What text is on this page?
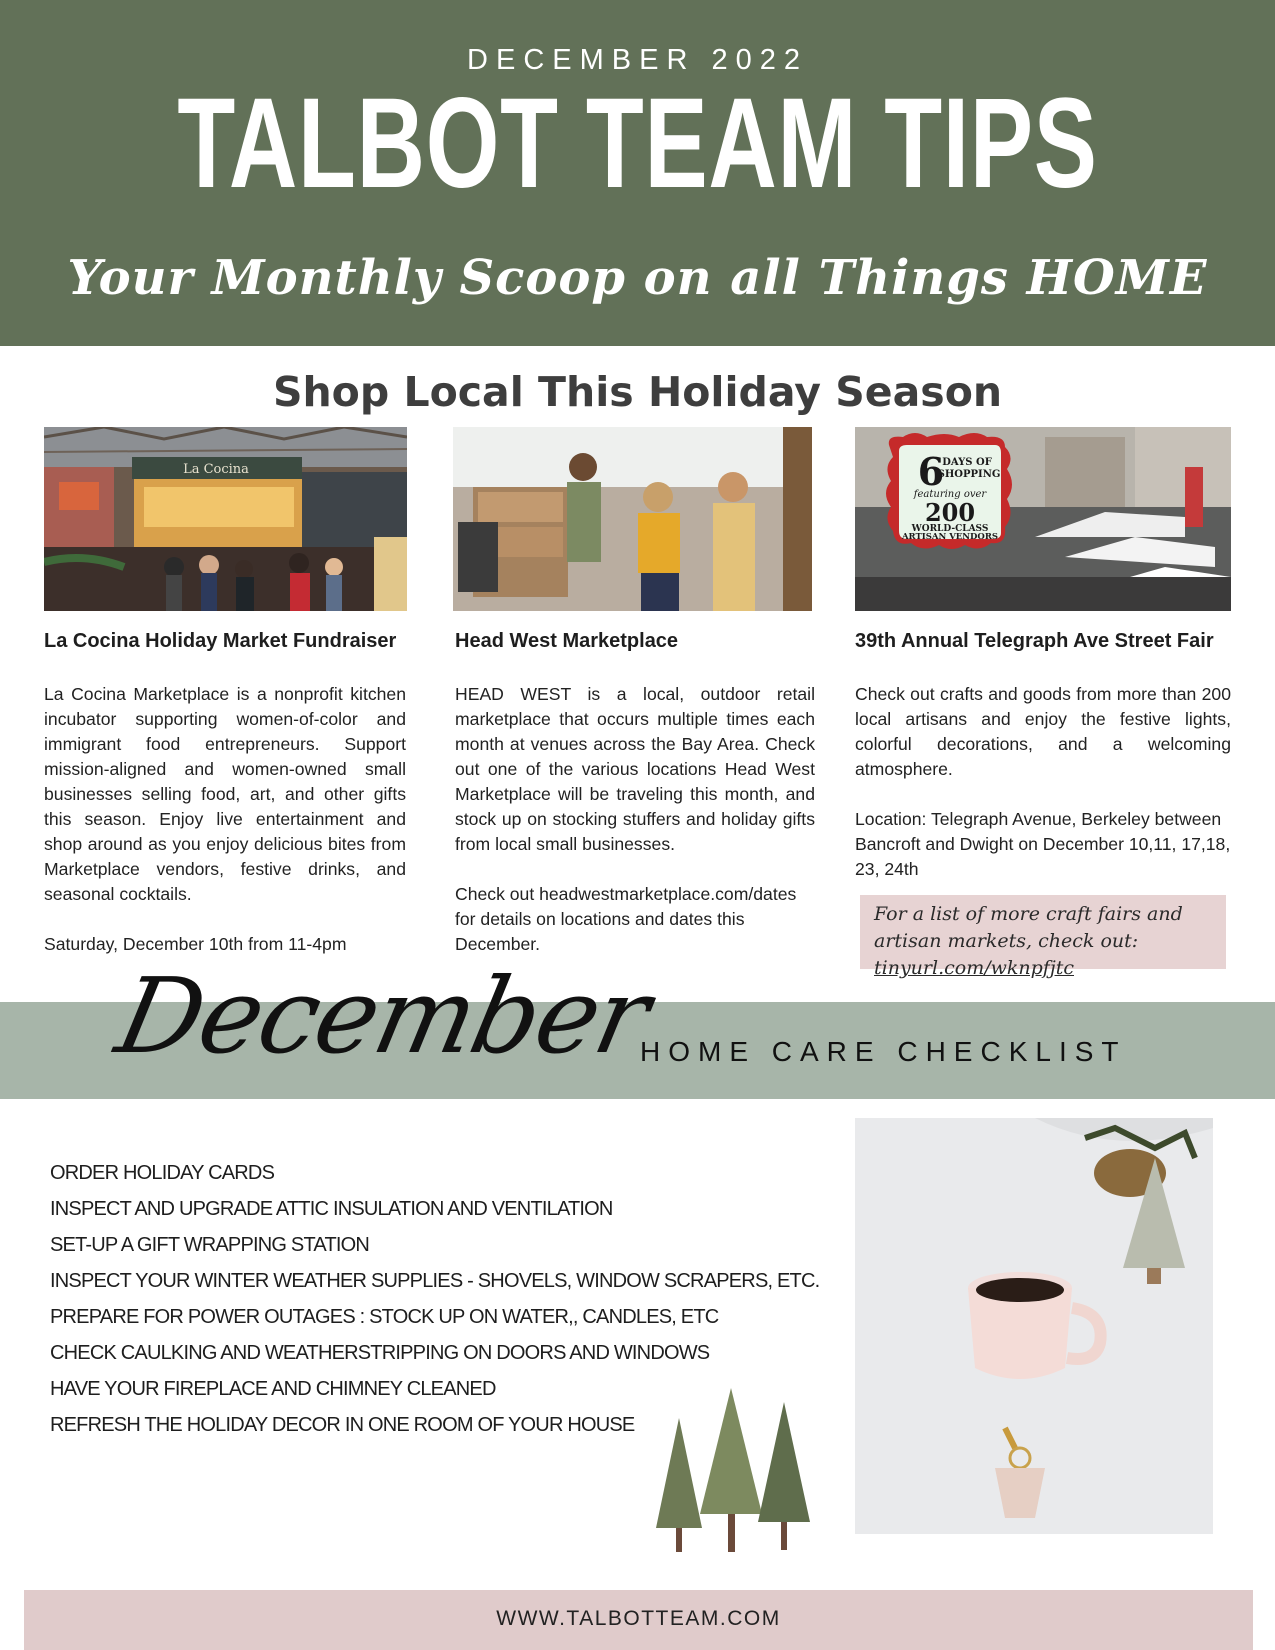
DECEMBER 2022
TALBOT TEAM TIPS
Your Monthly Scoop on all Things HOME
Shop Local This Holiday Season
La Cocina	6
DAYS OF
SHOPPING
featuring over
200
WORLD-CLASS
ARTISAN VENDORS
La Cocina Holiday Market Fundraiser	Head West Marketplace	39th Annual Telegraph Ave Street Fair

La Cocina Marketplace is a nonprofit kitchen incubator supporting women-of-color and immigrant food entrepreneurs. Support mission-aligned and women-owned small businesses selling food, art, and other gifts this season. Enjoy live entertainment and shop around as you enjoy delicious bites from Marketplace vendors, festive drinks, and seasonal cocktails.

Saturday, December 10th from 11-4pm

HEAD WEST is a local, outdoor retail marketplace that occurs multiple times each month at venues across the Bay Area. Check out one of the various locations Head West Marketplace will be traveling this month, and stock up on stocking stuffers and holiday gifts from local small businesses.

Check out headwestmarketplace.com/dates for details on locations and dates this December.

Check out crafts and goods from more than 200 local artisans and enjoy the festive lights, colorful decorations, and a welcoming atmosphere.

Location: Telegraph Avenue, Berkeley between Bancroft and Dwight on December 10,11, 17,18, 23, 24th

For a list of more craft fairs and artisan markets, check out: tinyurl.com/wknpfjtc
December
HOME CARE CHECKLIST
ORDER HOLIDAY CARDS
INSPECT AND UPGRADE ATTIC INSULATION AND VENTILATION
SET-UP A GIFT WRAPPING STATION
INSPECT YOUR WINTER WEATHER SUPPLIES - SHOVELS, WINDOW SCRAPERS, ETC.
PREPARE FOR POWER OUTAGES : STOCK UP ON WATER,, CANDLES, ETC
CHECK CAULKING AND WEATHERSTRIPPING ON DOORS AND WINDOWS
HAVE YOUR FIREPLACE AND CHIMNEY CLEANED
REFRESH THE HOLIDAY DECOR IN ONE ROOM OF YOUR HOUSE
WWW.TALBOTTEAM.COM
